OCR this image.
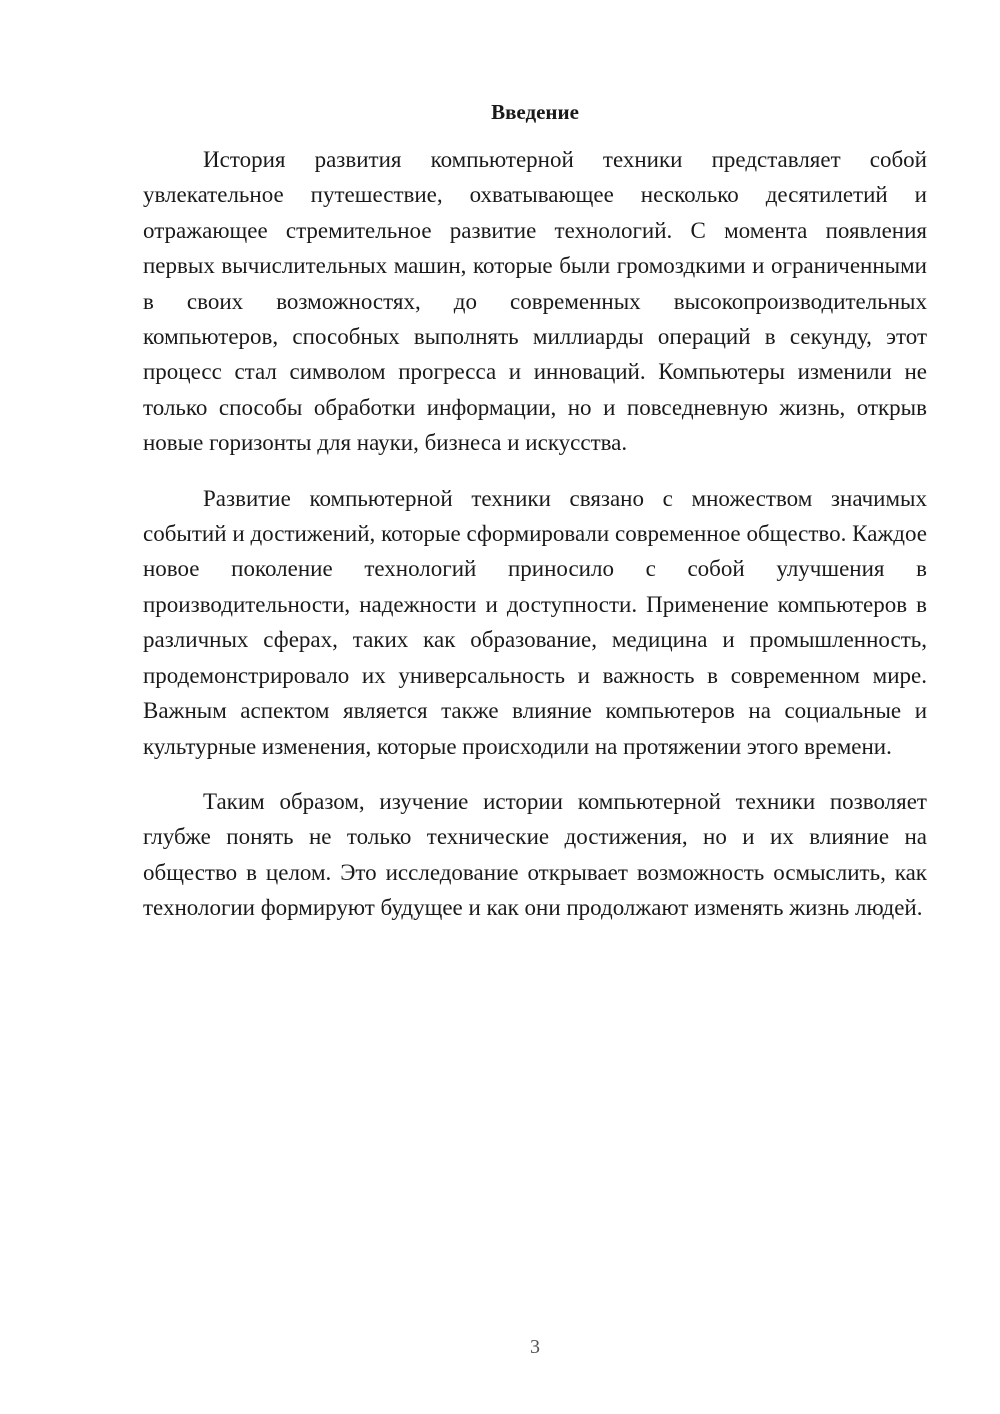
Введение

История развития компьютерной техники представляет собой увлекательное путешествие, охватывающее несколько десятилетий и отражающее стремительное развитие технологий. С момента появления первых вычислительных машин, которые были громоздкими и ограниченными в своих возможностях, до современных высокопроизводительных компьютеров, способных выполнять миллиарды операций в секунду, этот процесс стал символом прогресса и инноваций. Компьютеры изменили не только способы обработки информации, но и повседневную жизнь, открыв новые горизонты для науки, бизнеса и искусства.

Развитие компьютерной техники связано с множеством значимых событий и достижений, которые сформировали современное общество. Каждое новое поколение технологий приносило с собой улучшения в производительности, надежности и доступности. Применение компьютеров в различных сферах, таких как образование, медицина и промышленность, продемонстрировало их универсальность и важность в современном мире. Важным аспектом является также влияние компьютеров на социальные и культурные изменения, которые происходили на протяжении этого времени.

Таким образом, изучение истории компьютерной техники позволяет глубже понять не только технические достижения, но и их влияние на общество в целом. Это исследование открывает возможность осмыслить, как технологии формируют будущее и как они продолжают изменять жизнь людей.

3
